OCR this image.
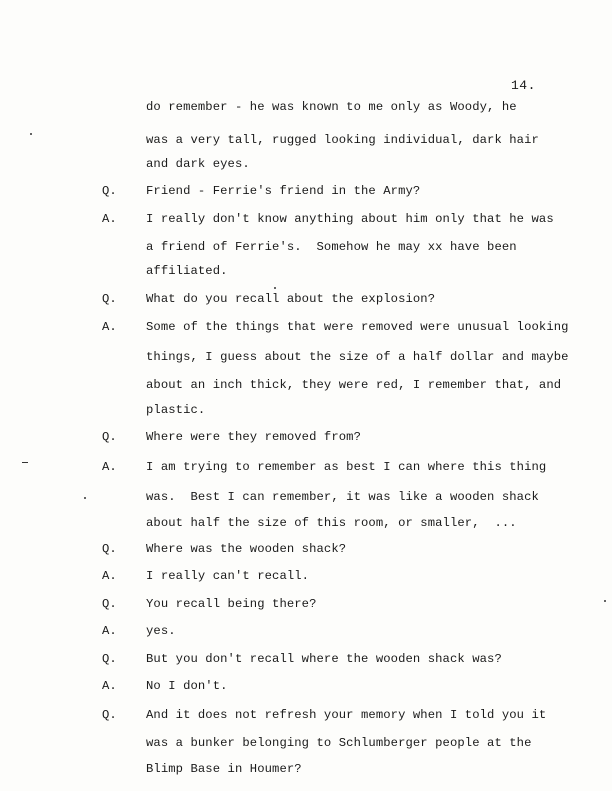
14.
do remember - he was known to me only as Woody, he
was a very tall, rugged looking individual, dark hair
and dark eyes.
Q. Friend - Ferrie's friend in the Army?
A. I really don't know anything about him only that he was
a friend of Ferrie's.  Somehow he may xx have been
affiliated.
Q. What do you recall about the explosion?
A. Some of the things that were removed were unusual looking
things, I guess about the size of a half dollar and maybe
about an inch thick, they were red, I remember that, and
plastic.
Q. Where were they removed from?
A. I am trying to remember as best I can where this thing
was.  Best I can remember, it was like a wooden shack
about half the size of this room, or smaller,  ...
Q. Where was the wooden shack?
A. I really can't recall.
Q. You recall being there?
A. yes.
Q. But you don't recall where the wooden shack was?
A. No I don't.
Q. And it does not refresh your memory when I told you it
was a bunker belonging to Schlumberger people at the
Blimp Base in Houmer?
